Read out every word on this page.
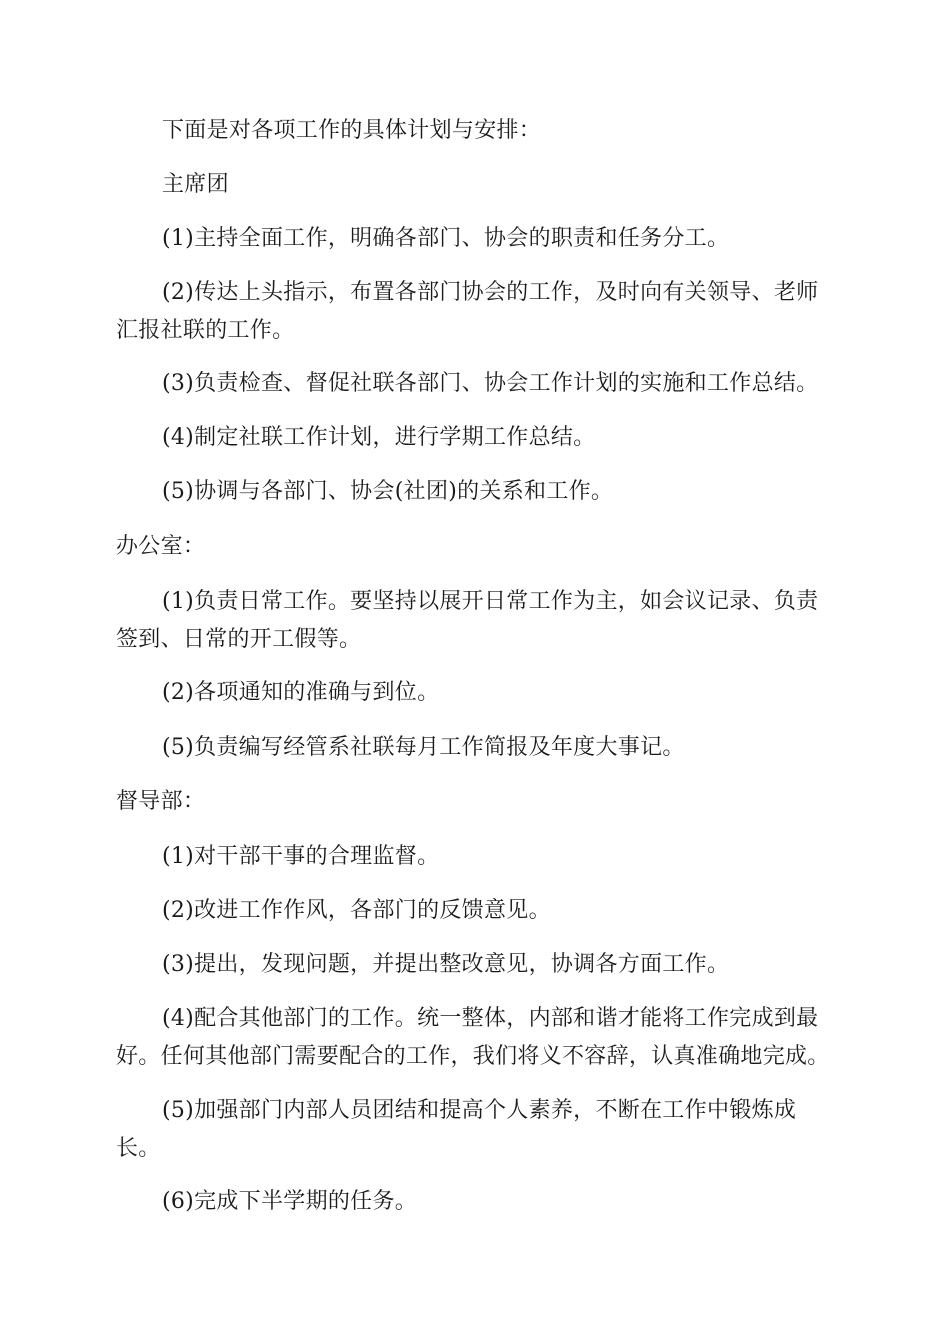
下面是对各项工作的具体计划与安排：

主席团

(1)主持全面工作，明确各部门、协会的职责和任务分工。

(2)传达上头指示，布置各部门协会的工作，及时向有关领导、老师汇报社联的工作。

(3)负责检查、督促社联各部门、协会工作计划的实施和工作总结。

(4)制定社联工作计划，进行学期工作总结。

(5)协调与各部门、协会(社团)的关系和工作。

办公室：

(1)负责日常工作。要坚持以展开日常工作为主，如会议记录、负责签到、日常的开工假等。

(2)各项通知的准确与到位。

(5)负责编写经管系社联每月工作简报及年度大事记。

督导部：

(1)对干部干事的合理监督。

(2)改进工作作风，各部门的反馈意见。

(3)提出，发现问题，并提出整改意见，协调各方面工作。

(4)配合其他部门的工作。统一整体，内部和谐才能将工作完成到最好。任何其他部门需要配合的工作，我们将义不容辞，认真准确地完成。

(5)加强部门内部人员团结和提高个人素养，不断在工作中锻炼成长。

(6)完成下半学期的任务。
